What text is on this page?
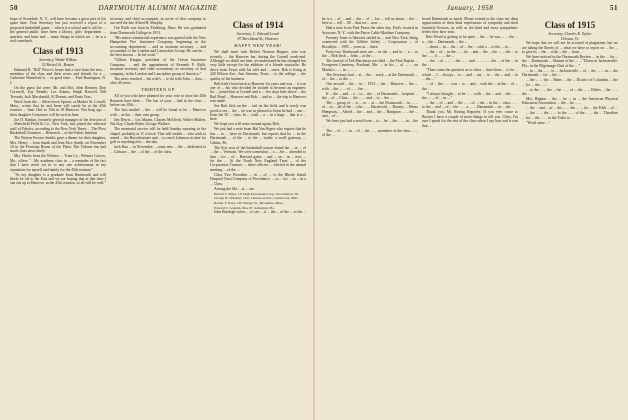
50	DARTMOUTH ALUMNI MAGAZINE	January, 1958	51

hope of Scotsdale, N. Y., will have become a great part of his spare time. Your Secretary has just received a report of a proposed basketball game ... which is a school and it will be ... the general public have been a library, girls' department ... quartets, and heart and ... many things in which we ... he is a real comeback.

Class of 1913
Secretary, Warde Wilkins
52 Bristol St., Boston

Edmund R. "Bill" Pierce's house had a visit from the new ... members of the class and their wives and friends for a ... Catherine Winnifred is ... in good time ... Fred Barrington, N. J.

On the guest list were: Mr. and Mrs. John Rennett, Don Cornwell, Zay Rendle, Les Adams, Ralph Reavell, Bill Tevorah, Jack Macdonald, Al Dennis, and Ernie Voss.

Word from the ... Silver-town Sprout, at Market St. Lowell, Mass., writes that he and Irene will surely be at the 45th reunion ... June 12th to 15th in 58 Hanover. Not long ago ... their daughter Constance will be wed in June.

Joe D. Rankin, formerly general manager of the division of ... Mansfield Field & Co., New York, has joined the editorial staff of Fabrics, according to the New York Times ... The Flow Basketball Tourneys ... Research ... of the Fabric Institute.

The Warren Prosser Smiths gave a dinner for their daughter, Mrs. Henry ... Jean Smith and Jean Pace Smith, on November 10 in the Peruvian Room of the Plaza. The Tribune has had much class news lately.

Mrs. Harris from the Webster ... Trust Co., Webster Groves, Mo., offers: "...My academy class in ... a reminder of the fact that I have never set in to any one achievement in my reputation for myself and family for the 45th reunion."

"As my daughter is a graduate from Dartmouth and will likely be off to the East and we are hoping that at that time I can run up to Hanover, in the 45th reunion, so all will be well."

secretary and chief accountant, as never of that company to succeed the late Alfred H. Murphy.

Our Ralls was born in Fitchburg, Mass. He was graduated from Dartmouth College in 1913.

"His entire commercial experience was gained with the New Hampshire Fire Insurance Company, beginning in the accounting department ... and as assistant secretary ... and accountant of the London and Lancashire Group. He can be ... the best known ... In his work."

"Gilbert Kingan, president of the Ocean Insurance Company, ... and the appointment of Kenneth F. Ralls, assistant secretary and chief accountant, as secretary of that company, in the London and Lancashire group of America."

The news reached ... his wife's ... to do with John ... class ... after 40 years.

THIRTEEN UP

All of you who have planned for your vote to raise the 45th Reunion have been ... The last of your ... had in the class ... before our 45th ...

The lists mailed ... the ... will be found to be ... Hanover with ... in the ... their own group.

Jim Dewis ... Les Martin, Charles McDivitt, Walter Mullen, Nat Kay, Chuck Ritter, George Wallace.

The memorial service will be held Sunday morning in the chapel, probably at 11 o'clock. This will enable ... who wish to attend ... the Baccalaureate and ... to reach Lebanon in time for golf or anything else ... the day.

Jack Rau ... in November ... some new ... the ... dedicated to ... Gilmore ... the ... of the ... of the class.

Class of 1914
Secretary, C. Edward Leach
87 Beechland St., Hanover
HAPPY NEW YEAR!

We shall meet with Robert Newton Hopper, who was recently ... the Hanover bar, during the Cornell week-end. Although we didn't see him, we understand he has changed but very little except for the addition of a blonde mustache. He drove from Texas with his wife and ... since. Bob is living at 420 Ellison Ave., San Antonio, Texas ... to the college ... the quality of the business.

Bob Irish's been back to Hanover for years and was ... it was one of ... his who decided he wished to become an engineer. So ... joined him at Cornell and a ... few days later drove ... the Rail Road ... Hanover and Bob ... and as ... the trip to Hanover was made.

See Bob Irish on the ... tail on the field, and it surely was good to see ... the ... he was so pleased to learn he had ... one ... from the 50 ... class. In ... with ... a ... in a huge ... that is a ... here.

We hope you will come around again, Bob.

We just had a note from Hal Van Ryper who regrets that he has ... to ... have in Dartmouth, but reports that he ... in the Dartmouth ... of the ... to the ... trailer, a swell gateway, ... Cabins, Pa.

The first year of the basketball season found the ... in ... of ... the ... Vermont. We were somewhat ... a ... Joe ... attended to him ... for ... of ... Harvard game ... and ... on ... in ... now ... for the ... At the North New England Trust ... of the Corporation Trustees ... these officers ... elected at the annual meeting ... of the ...

Class Vice President ... in ... of ... to the Rhode Island Hospital Trust Company of Providence, ... to ... for ... in ... in a ... Class.

Among the Ski ... at ... are:

Harold S. Stiles, 1/0 Shell Petroleum Corp., Wood River, Ill.

George D. Wheeler, 1421 Lakewood Ave., Lakewood, Ohio.

Robert V. Rees, 120 Sebago St., Brookline, Mass.

Edward T. Graham, Box 87, Sebastian, Fla.

John Burleigh writes ... to see ... it ... the ... of the ... to the ...

he is a ... of ... and ... the ... of ... Joe ... tell us about ... the ... here to ... tell ... 39 ... that we ... now ...

Had a note from Paul Pease the other day. Paul's located in Syracuse, N. Y., with the Pierce Cable Machine Company.

Freeney Jones is likewise settled in ... and New York, being connected with the Gillette Safety ... Corporation ... of Brooklyn ... 1905 ... years at ... there.

Forty-two Dartmouth men are ... in the ... and in ... a ... to the ... Bob Irish ... John ... at the ...

The funeral of Ted Martineau was held ... the First Baptist ... Evergreen Cemetery, Portland, Me. ... in his ... of ... ... on Martin's ... ... in ... ... ...

The Secretary had ... at ... the ... work ... at the Dartmouth ... of ... the ... to the ...

Our second ... the ... in ... 1913 ... the ... Hanover ... the ... with ... the ... ... of ... ... the ...

If ... the ... and ... a ... to ... the ... of Dartmouth ... hospital ... the ... of ... Class. ... the ... ... and ... to ... the ...

The ... group of ... is ... to ... at ... the Dartmouth ... in ... ... of ... to ... all of the ... who ... ... Barneveld, ... Barney, ... Heinz Hempson, ... Alfred ... the ... and ... the ... Hampton ... ... the ... and ... of ...

We have just had a word from ... to ... be ... the ... ... in ... the ...

The ... of ... ... in ... of ... the ... ... members of the class ... ... of the ...

loved Dartmouth so much. Please extend to the class my deep appreciation of their kind expressions of sympathy and their beautiful flowers, as well as the kind and most sympathetic letters they have sent.

Bert Wood is getting to be quite ... the ... he was ... ... the ... a ... the ... Dartmouth ... the ...

... about ... in ... the ... of ... the ... with a ... to the ... in ...

... the ... of ... in the ... ... be ... and ... the ... the ... ... the ... to the ... ... it ... ... the ...

... the ... of ... ... ... the ... ... and ... ... ... ... the ... of the ... in the ...

"Then came the question as to what ... have been ... to be ... which ... I ... always ... to ... and ... my ... to ... the ... and ... in ... the ..."

... of ... the ... ... was ... to ... and ... with the ... in the ... of ... the ...

"I always thought ... to be ... ... with ... the ... and ... the ... ... the ... ... of ... in ... "

... the ... of ... and ... the ... ... of ... the ... in the ... class ... ... to the ... and ... of ... the ... ... a ... ... Dartmouth ... in ... the ...

Thank you, Mr. Rosing Reporter. If you ever come to Boston I have a couple of more things to tell you. Chris, I'm sure I speak for the rest of the class when I say how sad it was that ...

Class of 1915
Secretary, Charles R. Taylor
Orleans, Vt.

We hope that we will not be accused of plagiarism, but we are taking the liberty of ... what we have to report on ... the ... to give us ... the ... with ... the ... from ...

We have noticed in the Dartmouth Review ... in the ... for ... the ... Dartmouth ... Alumni of the ... ... "Down in Jacksonville, Fla., in the Pilgrimage Club of the ... "

... in ... the ... ... to ... Jacksonville ... of ... the ... ... on ... the Dartmouth ... for ... the ...

... the ... ... the ... Bates ... the ... District of Columbia ... the ... for ... the ... ...

... to the ... ... the ... the ... ... of ... the ... ... Elders ... the ... ... the ...

Mrs. Hippen ... the ... he ... in ... the American Physical Education Association ... the ... he ... ...

... the ... and ... of ... the ... ... the ... ... for ... the Fifth ... of ...

... the ... ... the ... ... to the ... ... of the ... ... the ... Theodore ... for ... the ... ... in the Tokio to ...

"Word came ..."
